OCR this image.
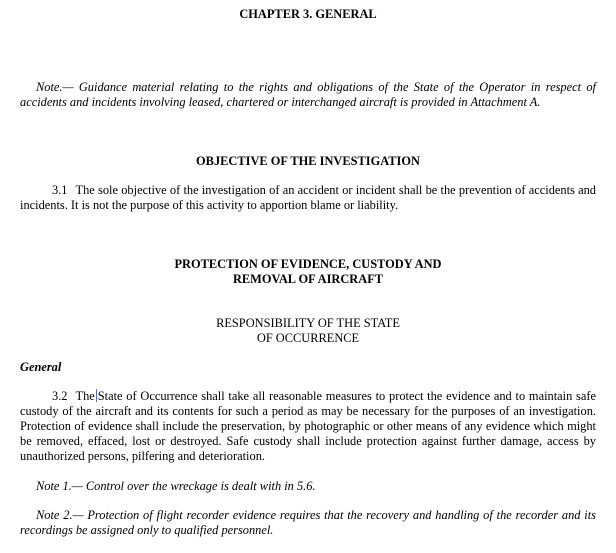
CHAPTER 3. GENERAL
Note.— Guidance material relating to the rights and obligations of the State of the Operator in respect of accidents and incidents involving leased, chartered or interchanged aircraft is provided in Attachment A.
OBJECTIVE OF THE INVESTIGATION
3.1 The sole objective of the investigation of an accident or incident shall be the prevention of accidents and incidents. It is not the purpose of this activity to apportion blame or liability.
PROTECTION OF EVIDENCE, CUSTODY AND
REMOVAL OF AIRCRAFT
RESPONSIBILITY OF THE STATE
OF OCCURRENCE
General
3.2 The State of Occurrence shall take all reasonable measures to protect the evidence and to maintain safe custody of the aircraft and its contents for such a period as may be necessary for the purposes of an investigation. Protection of evidence shall include the preservation, by photographic or other means of any evidence which might be removed, effaced, lost or destroyed. Safe custody shall include protection against further damage, access by unauthorized persons, pilfering and deterioration.
Note 1.— Control over the wreckage is dealt with in 5.6.
Note 2.— Protection of flight recorder evidence requires that the recovery and handling of the recorder and its recordings be assigned only to qualified personnel.
